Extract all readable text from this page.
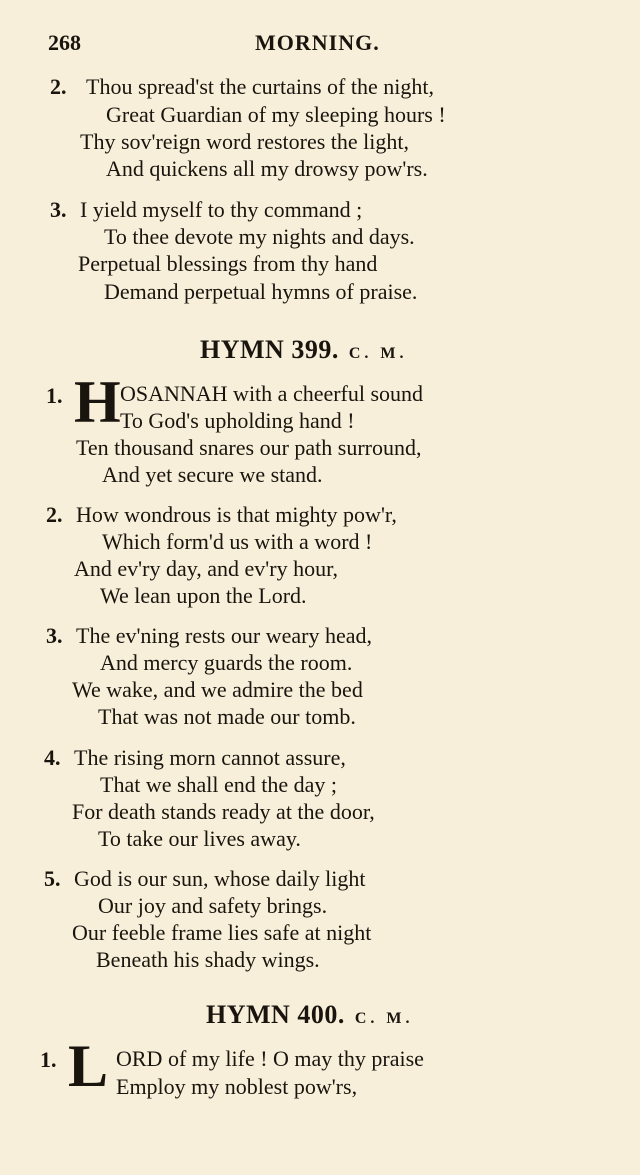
268	MORNING.
2. Thou spread'st the curtains of the night,
Great Guardian of my sleeping hours !
Thy sov'reign word restores the light,
And quickens all my drowsy pow'rs.
3. I yield myself to thy command ;
To thee devote my nights and days.
Perpetual blessings from thy hand
Demand perpetual hymns of praise.
HYMN 399. C. M.
1. H OSANNAH with a cheerful sound
To God's upholding hand !
Ten thousand snares our path surround,
And yet secure we stand.
2. How wondrous is that mighty pow'r,
Which form'd us with a word !
And ev'ry day, and ev'ry hour,
We lean upon the Lord.
3. The ev'ning rests our weary head,
And mercy guards the room.
We wake, and we admire the bed
That was not made our tomb.
4. The rising morn cannot assure,
That we shall end the day ;
For death stands ready at the door,
To take our lives away.
5. God is our sun, whose daily light
Our joy and safety brings.
Our feeble frame lies safe at night
Beneath his shady wings.
HYMN 400. C. M.
1. L ORD of my life ! O may thy praise
Employ my noblest pow'rs,
